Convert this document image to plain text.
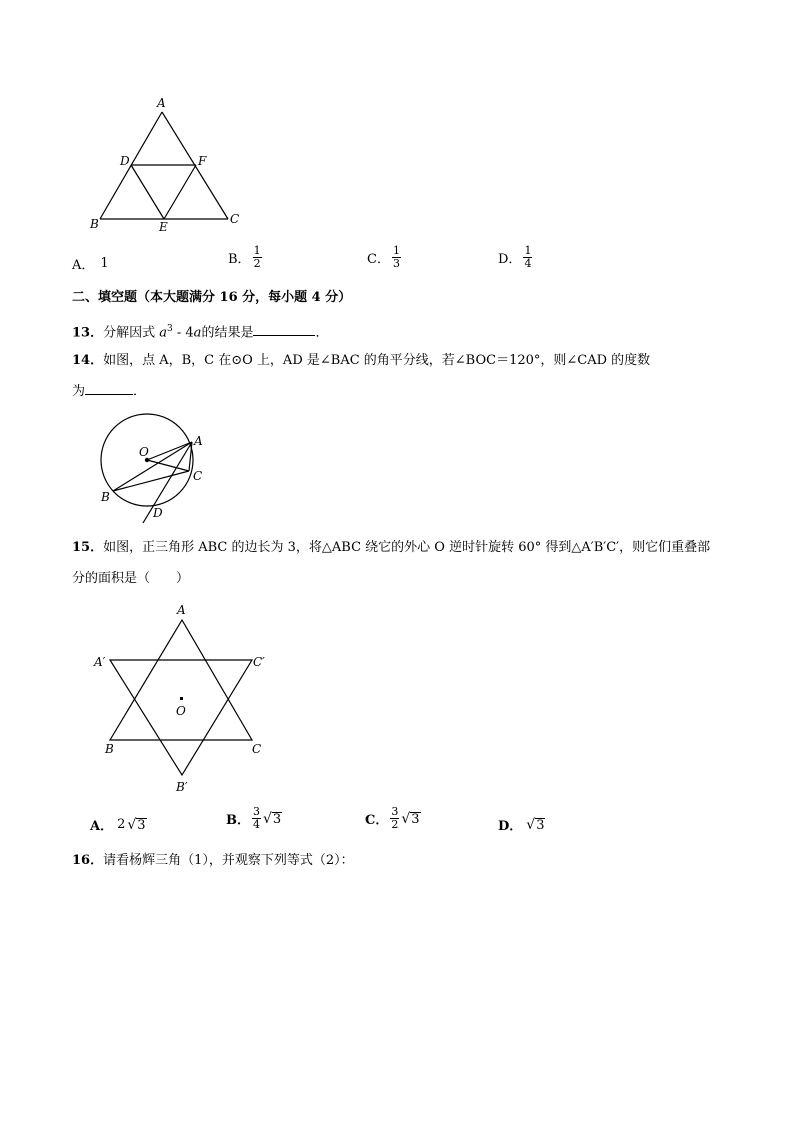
A
D	F
B	E
C
A． 1	B． $\frac{1}{2}$	C． $\frac{1}{3}$	D． $\frac{1}{4}$
二、填空题（本大题满分 16 分，每小题 4 分）
13．分解因式 $a^3 - 4a$的结果是	．
14．如图，点 A，B，C 在⊙O 上，AD 是∠BAC 的角平分线，若∠BOC＝120°，则∠CAD 的度数
为	．
O
A
C
B
D
15．如图，正三角形 ABC 的边长为 3，将△ABC 绕它的外心 O 逆时针旋转 60° 得到△A′B′C′，则它们重叠部
分的面积是（　　）
A
A′	C′
O
B	C
B′
A． 2 √ 3	B． $\frac{3}{4}$ √ 3	C． $\frac{3}{2}$ √ 3	D． √ 3
16．请看杨辉三角（1），并观察下列等式（2）：
